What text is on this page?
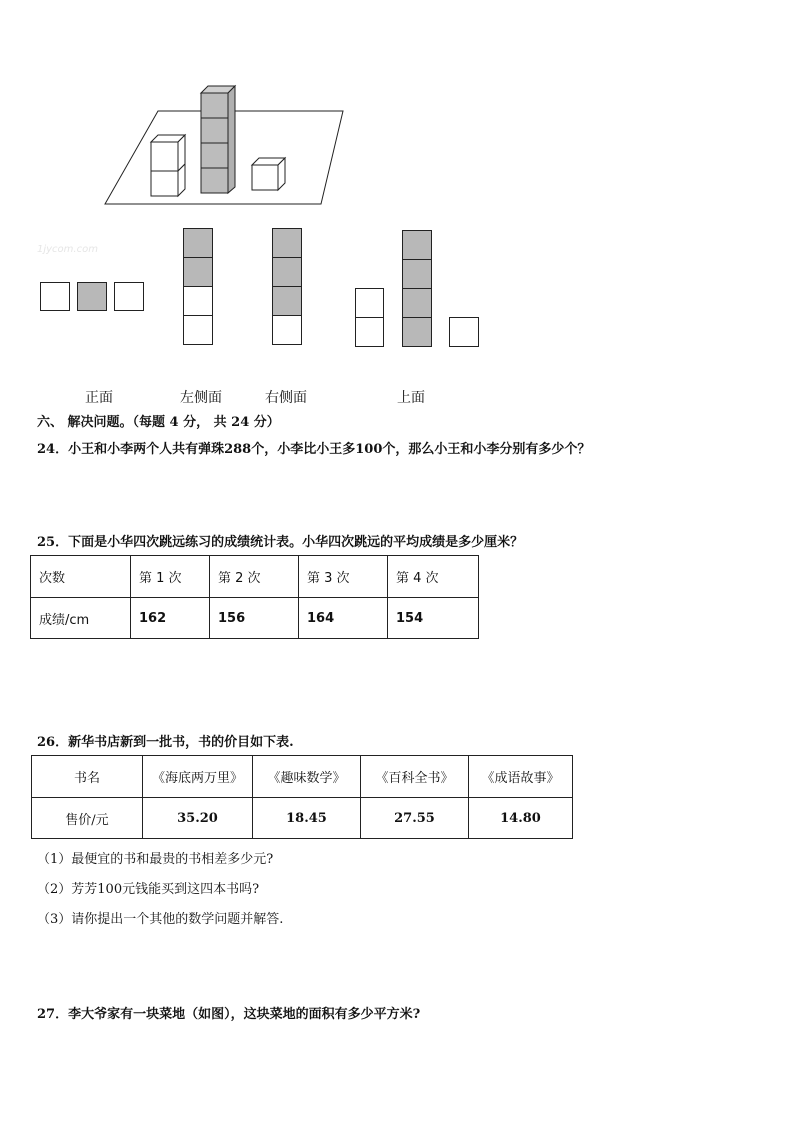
1jycom.com
正面	左侧面	右侧面	上面
六、 解决问题。（每题 4 分， 共 24 分）
24．小王和小李两个人共有弹珠288个，小李比小王多100个，那么小王和小李分别有多少个？
25．下面是小华四次跳远练习的成绩统计表。小华四次跳远的平均成绩是多少厘米？
次数	第 1 次	第 2 次	第 3 次	第 4 次
成绩/cm	162	156	164	154
26．新华书店新到一批书，书的价目如下表.
书名	《海底两万里》	《趣味数学》	《百科全书》	《成语故事》
售价/元	35.20	18.45	27.55	14.80
（1）最便宜的书和最贵的书相差多少元?
（2）芳芳100元钱能买到这四本书吗?
（3）请你提出一个其他的数学问题并解答.
27．李大爷家有一块菜地（如图），这块菜地的面积有多少平方米?
